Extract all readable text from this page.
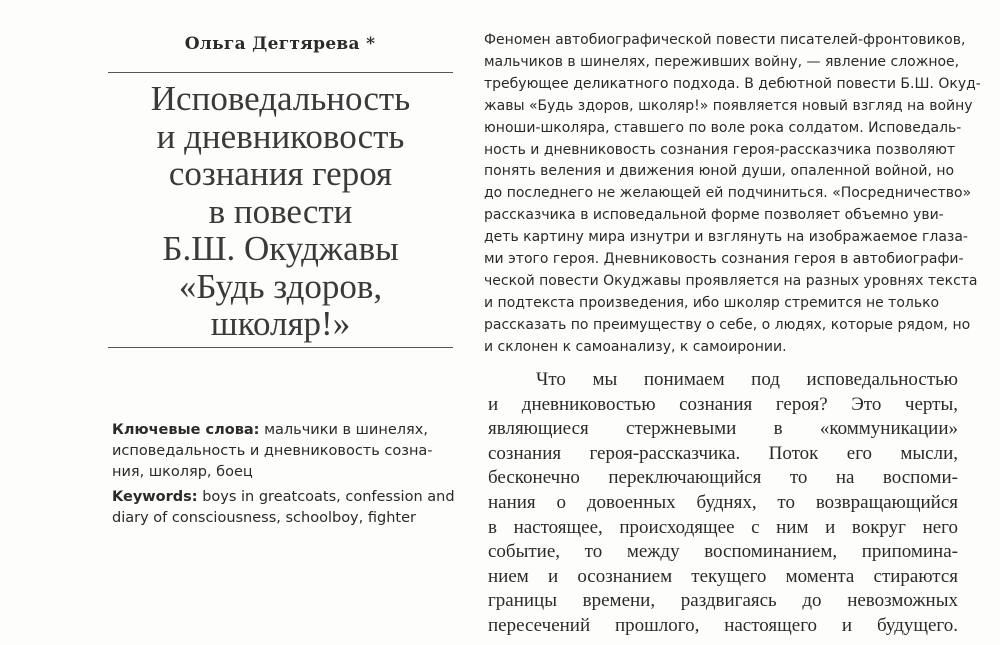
Ольга Дегтярева *
Исповедальность
и дневниковость
сознания героя
в повести
Б.Ш. Окуджавы
«Будь здоров,
школяр!»
Ключевые слова: мальчики в шинелях,
исповедальность и дневниковость созна-
ния, школяр, боец
Keywords: boys in greatcoats, confession and
diary of consciousness, schoolboy, fighter
Феномен автобиографической повести писателей-фронтовиков,
мальчиков в шинелях, переживших войну, — явление сложное,
требующее деликатного подхода. В дебютной повести Б.Ш. Окуд-
жавы «Будь здоров, школяр!» появляется новый взгляд на войну
юноши-школяра, ставшего по воле рока солдатом. Исповедаль-
ность и дневниковость сознания героя-рассказчика позволяют
понять веления и движения юной души, опаленной войной, но
до последнего не желающей ей подчиниться. «Посредничество»
рассказчика в исповедальной форме позволяет объемно уви-
деть картину мира изнутри и взглянуть на изображаемое глаза-
ми этого героя. Дневниковость сознания героя в автобиографи-
ческой повести Окуджавы проявляется на разных уровнях текста
и подтекста произведения, ибо школяр стремится не только
рассказать по преимуществу о себе, о людях, которые рядом, но
и склонен к самоанализу, к самоиронии.
Что мы понимаем под исповедальностью
и дневниковостью сознания героя? Это черты,
являющиеся стержневыми в «коммуникации»
сознания героя-рассказчика. Поток его мысли,
бесконечно переключающийся то на воспоми-
нания о довоенных буднях, то возвращающийся
в настоящее, происходящее с ним и вокруг него
событие, то между воспоминанием, припомина-
нием и осознанием текущего момента стираются
границы времени, раздвигаясь до невозможных
пересечений прошлого, настоящего и будущего.
